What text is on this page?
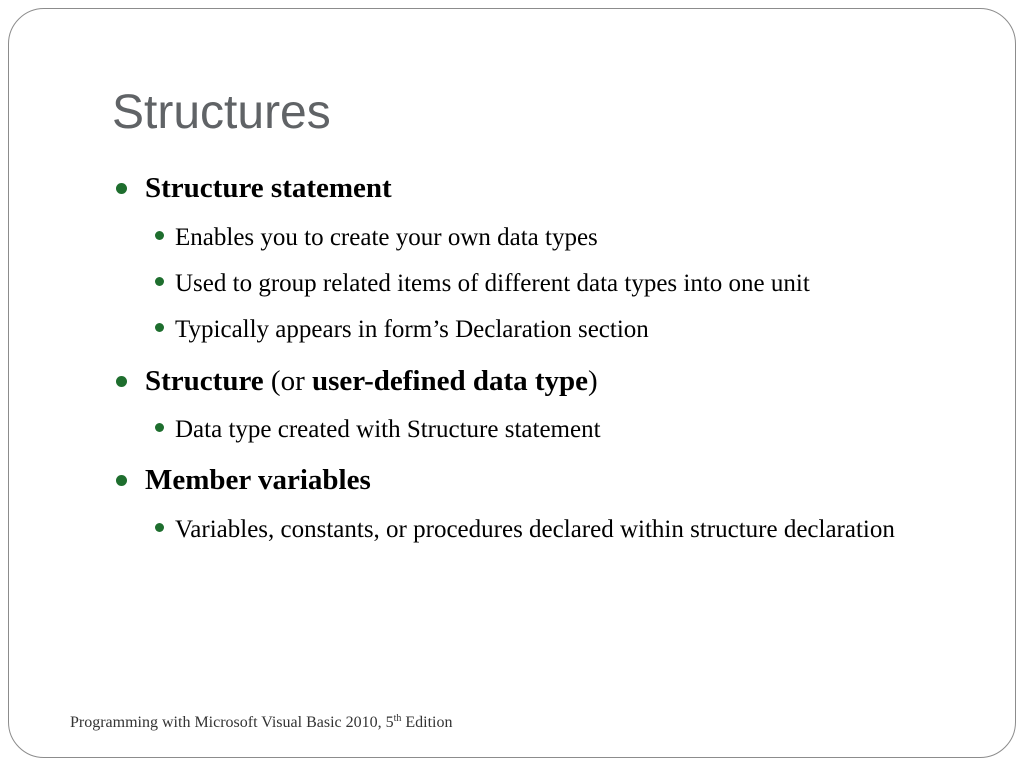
Structures
Structure statement
Enables you to create your own data types
Used to group related items of different data types into one unit
Typically appears in form’s Declaration section
Structure (or user-defined data type)
Data type created with Structure statement
Member variables
Variables, constants, or procedures declared within structure declaration
Programming with Microsoft Visual Basic 2010, 5th Edition
